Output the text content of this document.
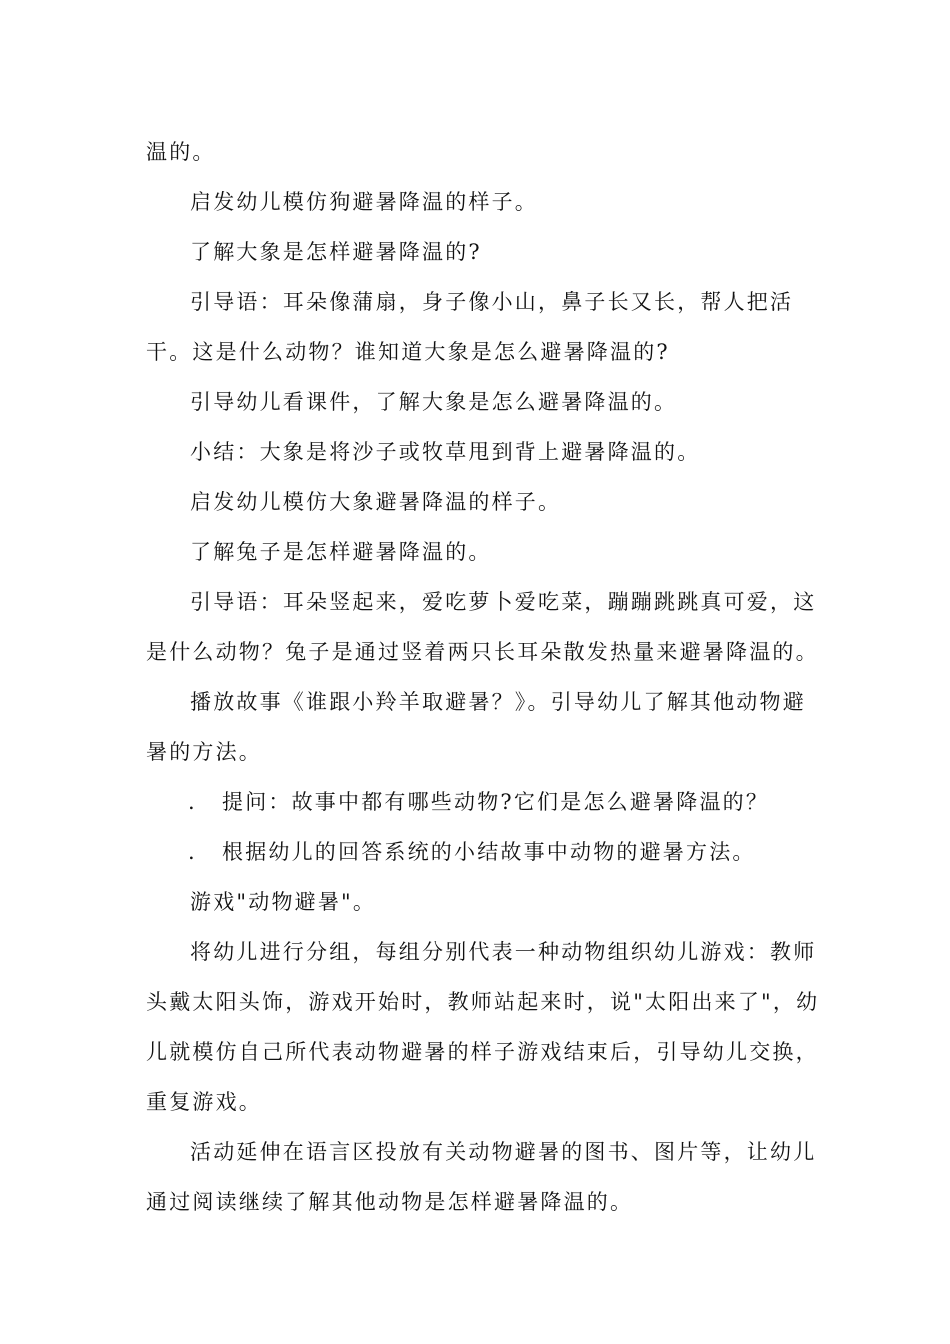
温的。

启发幼儿模仿狗避暑降温的样子。

了解大象是怎样避暑降温的?

引导语：耳朵像蒲扇，身子像小山，鼻子长又长，帮人把活干。这是什么动物？谁知道大象是怎么避暑降温的?

引导幼儿看课件，了解大象是怎么避暑降温的。

小结：大象是将沙子或牧草甩到背上避暑降温的。

启发幼儿模仿大象避暑降温的样子。

了解兔子是怎样避暑降温的。

引导语：耳朵竖起来，爱吃萝卜爱吃菜，蹦蹦跳跳真可爱，这是什么动物？兔子是通过竖着两只长耳朵散发热量来避暑降温的。

播放故事《谁跟小羚羊取避暑？》。引导幼儿了解其他动物避暑的方法。

. 提问：故事中都有哪些动物?它们是怎么避暑降温的？

. 根据幼儿的回答系统的小结故事中动物的避暑方法。

游戏"动物避暑"。

将幼儿进行分组，每组分别代表一种动物组织幼儿游戏：教师头戴太阳头饰，游戏开始时，教师站起来时，说"太阳出来了"，幼儿就模仿自己所代表动物避暑的样子游戏结束后，引导幼儿交换，重复游戏。

活动延伸在语言区投放有关动物避暑的图书、图片等，让幼儿通过阅读继续了解其他动物是怎样避暑降温的。
